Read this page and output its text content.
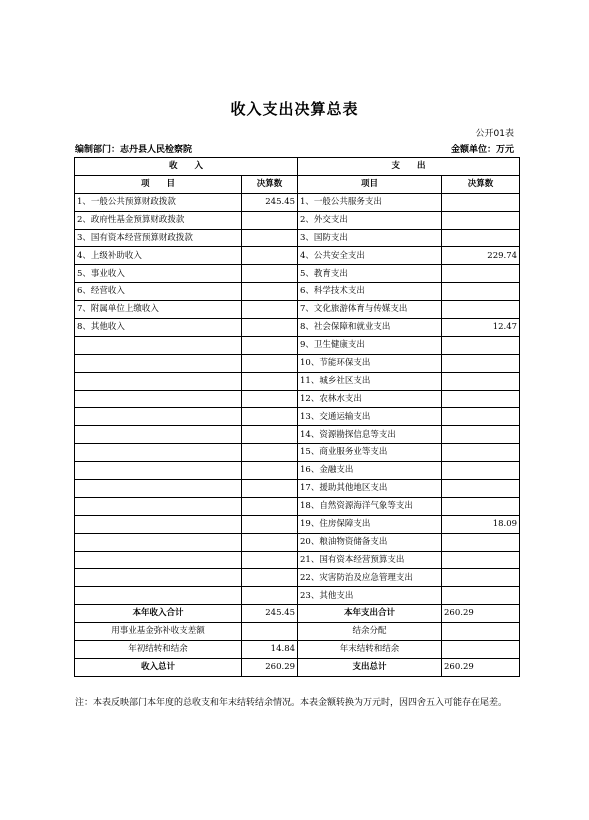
收入支出决算总表
公开01表
编制部门：志丹县人民检察院	金额单位：万元
收　　入		支　　出	
项　　目	决算数	项目	决算数
1、一般公共预算财政拨款	245.45	1、一般公共服务支出	
2、政府性基金预算财政拨款		2、外交支出	
3、国有资本经营预算财政拨款		3、国防支出	
4、上级补助收入		4、公共安全支出	229.74
5、事业收入		5、教育支出	
6、经营收入		6、科学技术支出	
7、附属单位上缴收入		7、文化旅游体育与传媒支出	
8、其他收入		8、社会保障和就业支出	12.47
		9、卫生健康支出	
		10、节能环保支出	
		11、城乡社区支出	
		12、农林水支出	
		13、交通运输支出	
		14、资源勘探信息等支出	
		15、商业服务业等支出	
		16、金融支出	
		17、援助其他地区支出	
		18、自然资源海洋气象等支出	
		19、住房保障支出	18.09
		20、粮油物资储备支出	
		21、国有资本经营预算支出	
		22、灾害防治及应急管理支出	
		23、其他支出	
本年收入合计	245.45	本年支出合计	260.29
用事业基金弥补收支差额		结余分配	
年初结转和结余	14.84	年末结转和结余	
收入总计	260.29	支出总计	260.29
注：本表反映部门本年度的总收支和年末结转结余情况。本表金额转换为万元时，因四舍五入可能存在尾差。
